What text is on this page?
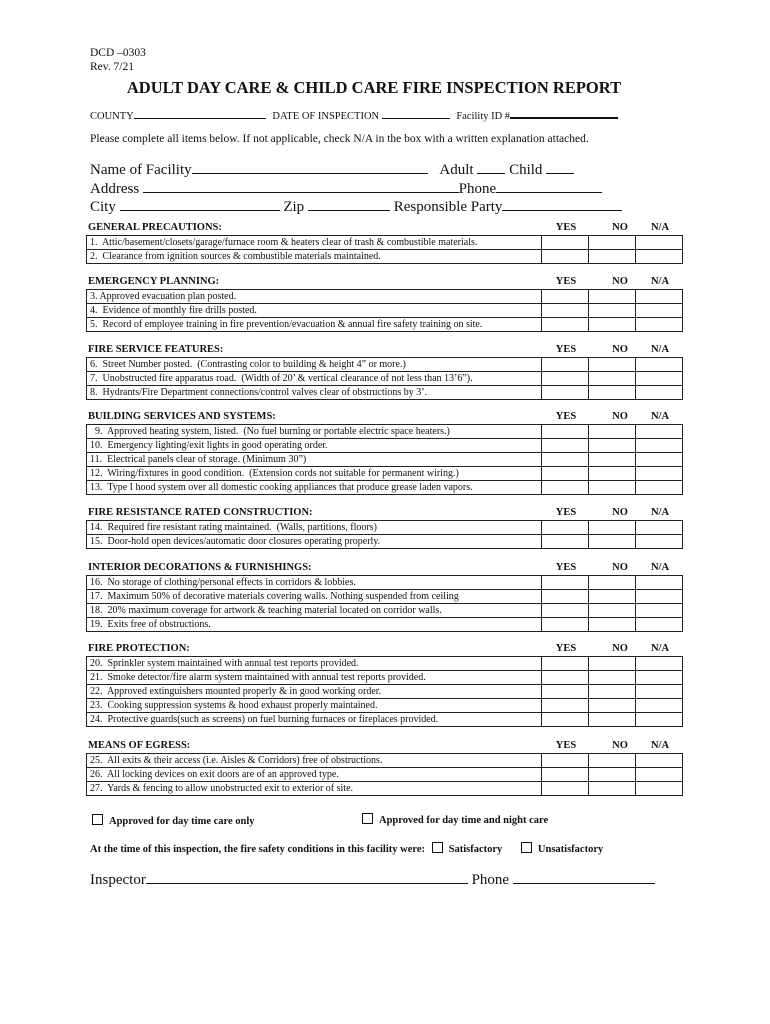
DCD –0303
Rev. 7/21
ADULT DAY CARE & CHILD CARE FIRE INSPECTION REPORT
COUNTY	DATE OF INSPECTION	Facility ID #
Please complete all items below. If not applicable, check N/A in the box with a written explanation attached.
Name of Facility	Adult Child
Address	Phone
City	Zip	Responsible Party
GENERAL PRECAUTIONS:	YES	NO	N/A
1.  Attic/basement/closets/garage/furnace room & heaters clear of trash & combustible materials.			
2.  Clearance from ignition sources & combustible materials maintained.			
EMERGENCY PLANNING:	YES	NO	N/A
3. Approved evacuation plan posted.			
4.  Evidence of monthly fire drills posted.			
5.  Record of employee training in fire prevention/evacuation & annual fire safety training on site.			
FIRE SERVICE FEATURES:	YES	NO	N/A
6.  Street Number posted.  (Contrasting color to building & height 4” or more.)			
7.  Unobstructed fire apparatus road.  (Width of 20’ & vertical clearance of not less than 13’6”).			
8.  Hydrants/Fire Department connections/control valves clear of obstructions by 3’.			
BUILDING SERVICES AND SYSTEMS:	YES	NO	N/A
9.  Approved heating system, listed.  (No fuel burning or portable electric space heaters.)			
10.  Emergency lighting/exit lights in good operating order.			
11.  Electrical panels clear of storage. (Minimum 30”)			
12.  Wiring/fixtures in good condition.  (Extension cords not suitable for permanent wiring.)			
13.  Type I hood system over all domestic cooking appliances that produce grease laden vapors.			
FIRE RESISTANCE RATED CONSTRUCTION:	YES	NO	N/A
14.  Required fire resistant rating maintained.  (Walls, partitions, floors)			
15.  Door-hold open devices/automatic door closures operating properly.			
INTERIOR DECORATIONS & FURNISHINGS:	YES	NO	N/A
16.  No storage of clothing/personal effects in corridors & lobbies.			
17.  Maximum 50% of decorative materials covering walls. Nothing suspended from ceiling			
18.  20% maximum coverage for artwork & teaching material located on corridor walls.			
19.  Exits free of obstructions.			
FIRE PROTECTION:	YES	NO	N/A
20.  Sprinkler system maintained with annual test reports provided.			
21.  Smoke detector/fire alarm system maintained with annual test reports provided.			
22.  Approved extinguishers mounted properly & in good working order.			
23.  Cooking suppression systems & hood exhaust properly maintained.			
24.  Protective guards(such as screens) on fuel burning furnaces or fireplaces provided.			
MEANS OF EGRESS:	YES	NO	N/A
25.  All exits & their access (i.e. Aisles & Corridors) free of obstructions.			
26.  All locking devices on exit doors are of an approved type.			
27.  Yards & fencing to allow unobstructed exit to exterior of site.			
Approved for day time care only	Approved for day time and night care
At the time of this inspection, the fire safety conditions in this facility were: Satisfactory	Unsatisfactory
Inspector	Phone
